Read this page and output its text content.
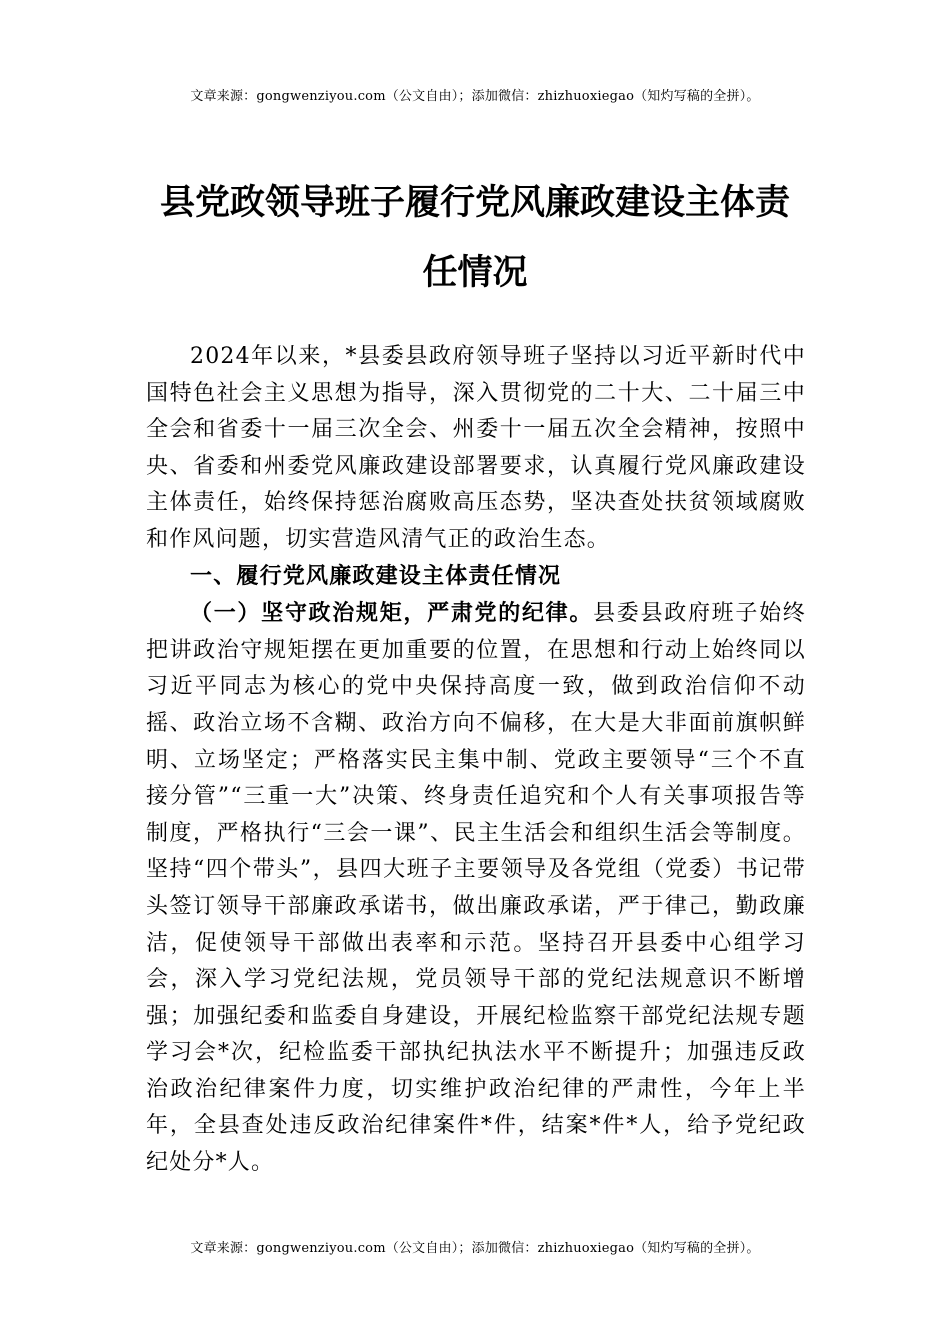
文章来源：gongwenziyou.com（公文自由）；添加微信：zhizhuoxiegao（知灼写稿的全拼）。
县党政领导班子履行党风廉政建设主体责
任情况

2024年以来，*县委县政府领导班子坚持以习近平新时代中国特色社会主义思想为指导，深入贯彻党的二十大、二十届三中全会和省委十一届三次全会、州委十一届五次全会精神，按照中央、省委和州委党风廉政建设部署要求，认真履行党风廉政建设主体责任，始终保持惩治腐败高压态势，坚决查处扶贫领域腐败和作风问题，切实营造风清气正的政治生态。

一、履行党风廉政建设主体责任情况

（一）坚守政治规矩，严肃党的纪律。县委县政府班子始终把讲政治守规矩摆在更加重要的位置，在思想和行动上始终同以习近平同志为核心的党中央保持高度一致，做到政治信仰不动摇、政治立场不含糊、政治方向不偏移，在大是大非面前旗帜鲜明、立场坚定；严格落实民主集中制、党政主要领导“三个不直接分管”“三重一大”决策、终身责任追究和个人有关事项报告等制度，严格执行“三会一课”、民主生活会和组织生活会等制度。坚持“四个带头”，县四大班子主要领导及各党组（党委）书记带头签订领导干部廉政承诺书，做出廉政承诺，严于律己，勤政廉洁，促使领导干部做出表率和示范。坚持召开县委中心组学习会，深入学习党纪法规，党员领导干部的党纪法规意识不断增强；加强纪委和监委自身建设，开展纪检监察干部党纪法规专题学习会*次，纪检监委干部执纪执法水平不断提升；加强违反政治政治纪律案件力度，切实维护政治纪律的严肃性，今年上半年，全县查处违反政治纪律案件*件，结案*件*人，给予党纪政纪处分*人。

文章来源：gongwenziyou.com（公文自由）；添加微信：zhizhuoxiegao（知灼写稿的全拼）。
